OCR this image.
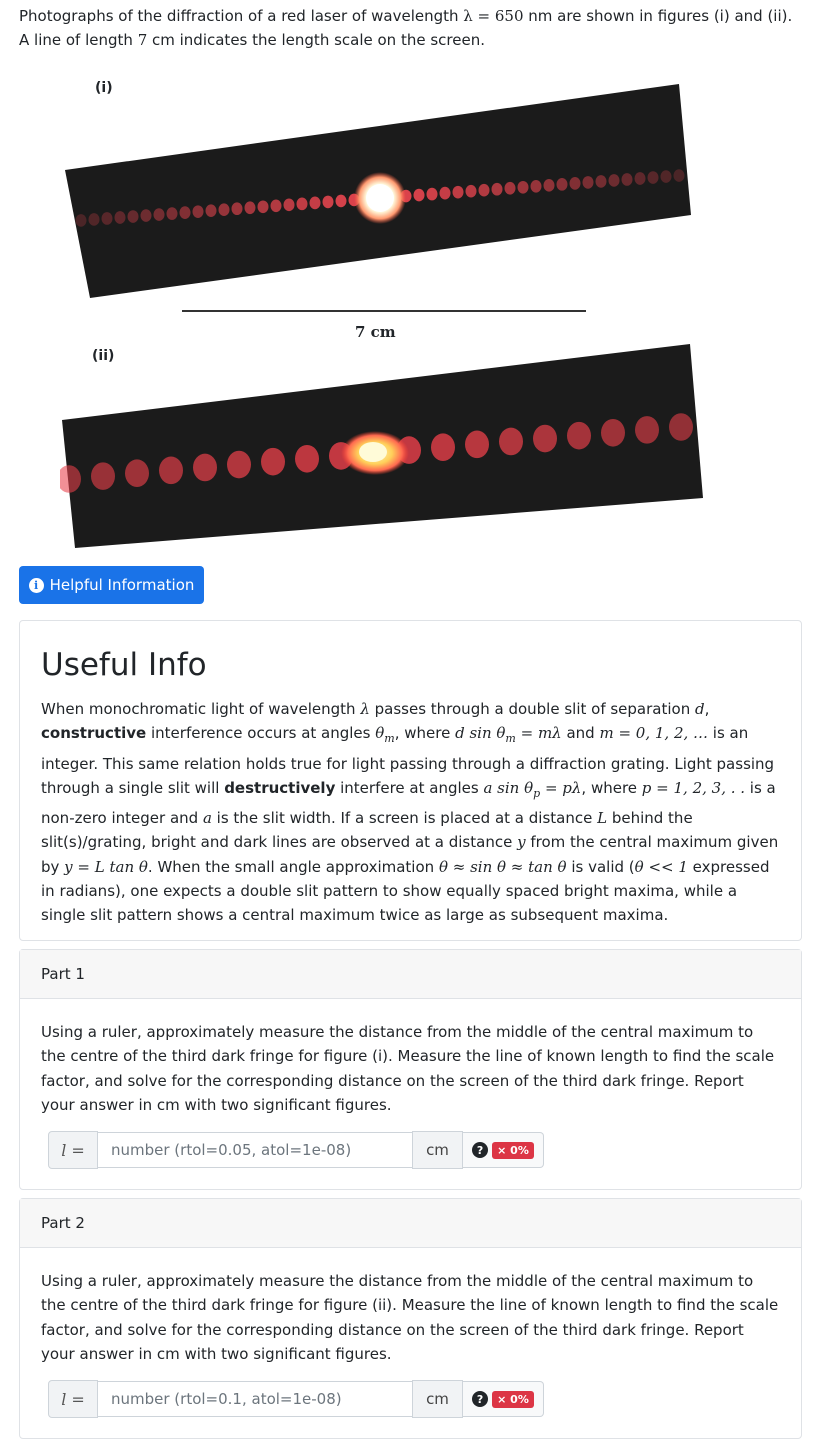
Photographs of the diffraction of a red laser of wavelength λ = 650 nm are shown in figures (i) and (ii). A line of length 7 cm indicates the length scale on the screen.
(i)
(ii)
7 cm
i Helpful Information
Useful Info
When monochromatic light of wavelength λ passes through a double slit of separation d, constructive interference occurs at angles $\theta_m$, where d $\sin \theta_m = m\lambda$ and m = 0, 1, 2, … is an integer. This same relation holds true for light passing through a diffraction grating. Light passing through a single slit will destructively interfere at angles a $\sin \theta_p = p\lambda$, where p = 1, 2, 3, . . is a non-zero integer and a is the slit width. If a screen is placed at a distance L behind the slit(s)/grating, bright and dark lines are observed at a distance y from the central maximum given by y = L tan θ. When the small angle approximation θ ≈ sin θ ≈ tan θ is valid (θ << 1 expressed in radians), one expects a double slit pattern to show equally spaced bright maxima, while a single slit pattern shows a central maximum twice as large as subsequent maxima.
Part 1
Using a ruler, approximately measure the distance from the middle of the central maximum to the centre of the third dark fringe for figure (i). Measure the line of known length to find the scale factor, and solve for the corresponding distance on the screen of the third dark fringe. Report your answer in cm with two significant figures.
l =
number (rtol=0.05, atol=1e-08)	cm	?	× 0%
Part 2
Using a ruler, approximately measure the distance from the middle of the central maximum to the centre of the third dark fringe for figure (ii). Measure the line of known length to find the scale factor, and solve for the corresponding distance on the screen of the third dark fringe. Report your answer in cm with two significant figures.
l =
number (rtol=0.1, atol=1e-08)	cm	?	× 0%
